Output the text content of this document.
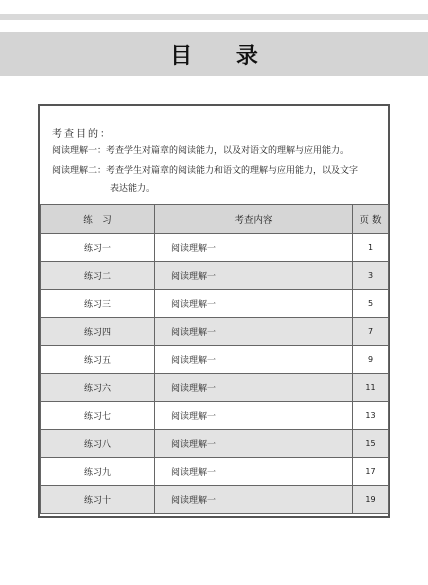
目 录
考查目的：
阅读理解一：考查学生对篇章的阅读能力，以及对语文的理解与应用能力。
阅读理解二：考查学生对篇章的阅读能力和语文的理解与应用能力，以及文字
表达能力。
练　习	考查内容	页 数
练习一	阅读理解一	1
练习二	阅读理解一	3
练习三	阅读理解一	5
练习四	阅读理解一	7
练习五	阅读理解一	9
练习六	阅读理解一	11
练习七	阅读理解一	13
练习八	阅读理解一	15
练习九	阅读理解一	17
练习十	阅读理解一	19
